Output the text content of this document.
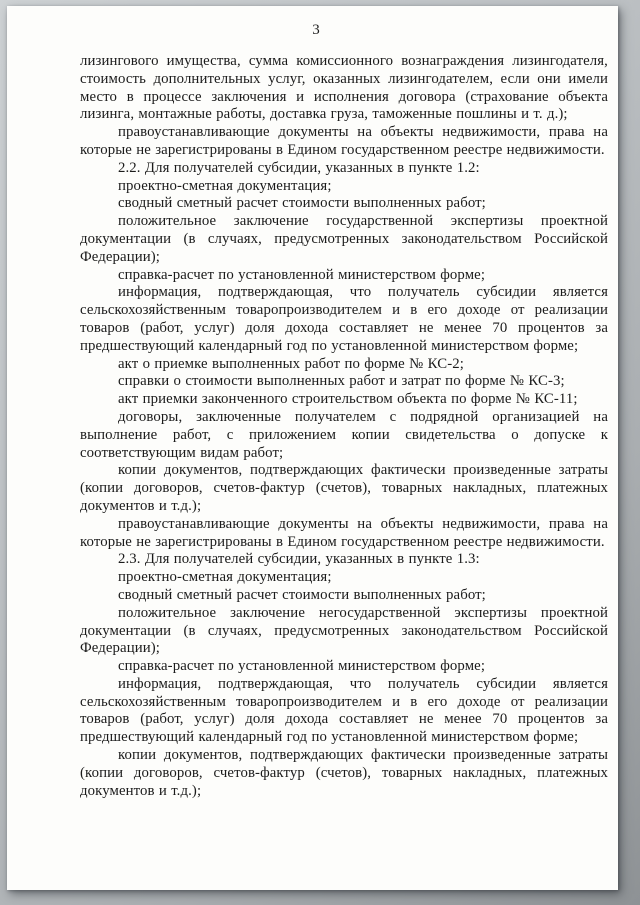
3

лизингового имущества, сумма комиссионного вознаграждения лизингодателя, стоимость дополнительных услуг, оказанных лизингодателем, если они имели место в процессе заключения и исполнения договора (страхование объекта лизинга, монтажные работы, доставка груза, таможенные пошлины и т. д.);

правоустанавливающие документы на объекты недвижимости, права на которые не зарегистрированы в Едином государственном реестре недвижимости.

2.2. Для получателей субсидии, указанных в пункте 1.2:

проектно-сметная документация;

сводный сметный расчет стоимости выполненных работ;

положительное заключение государственной экспертизы проектной документации (в случаях, предусмотренных законодательством Российской Федерации);

справка-расчет по установленной министерством форме;

информация, подтверждающая, что получатель субсидии является сельскохозяйственным товаропроизводителем и в его доходе от реализации товаров (работ, услуг) доля дохода составляет не менее 70 процентов за предшествующий календарный год по установленной министерством форме;

акт о приемке выполненных работ по форме № КС-2;

справки о стоимости выполненных работ и затрат по форме № КС-3;

акт приемки законченного строительством объекта по форме № КС-11;

договоры, заключенные получателем с подрядной организацией на выполнение работ, с приложением копии свидетельства о допуске к соответствующим видам работ;

копии документов, подтверждающих фактически произведенные затраты (копии договоров, счетов-фактур (счетов), товарных накладных, платежных документов и т.д.);

правоустанавливающие документы на объекты недвижимости, права на которые не зарегистрированы в Едином государственном реестре недвижимости.

2.3. Для получателей субсидии, указанных в пункте 1.3:

проектно-сметная документация;

сводный сметный расчет стоимости выполненных работ;

положительное заключение негосударственной экспертизы проектной документации (в случаях, предусмотренных законодательством Российской Федерации);

справка-расчет по установленной министерством форме;

информация, подтверждающая, что получатель субсидии является сельскохозяйственным товаропроизводителем и в его доходе от реализации товаров (работ, услуг) доля дохода составляет не менее 70 процентов за предшествующий календарный год по установленной министерством форме;

копии документов, подтверждающих фактически произведенные затраты (копии договоров, счетов-фактур (счетов), товарных накладных, платежных документов и т.д.);
